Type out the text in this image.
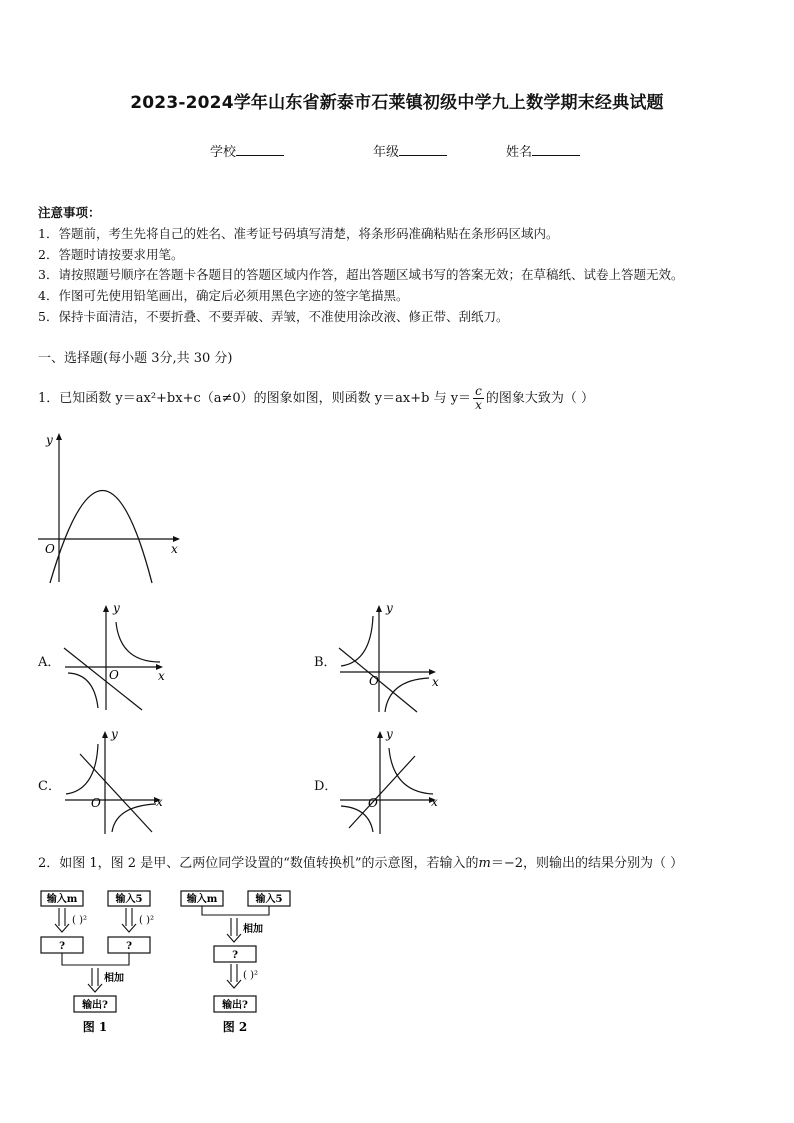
2023-2024学年山东省新泰市石莱镇初级中学九上数学期末经典试题
学校	年级	姓名
注意事项：
1．答题前，考生先将自己的姓名、准考证号码填写清楚，将条形码准确粘贴在条形码区域内。
2．答题时请按要求用笔。
3．请按照题号顺序在答题卡各题目的答题区域内作答，超出答题区域书写的答案无效；在草稿纸、试卷上答题无效。
4．作图可先使用铅笔画出，确定后必须用黑色字迹的签字笔描黑。
5．保持卡面清洁，不要折叠、不要弄破、弄皱，不准使用涂改液、修正带、刮纸刀。
一、选择题(每小题 3分,共 30 分)
1．已知函数 y＝ax²+bx+c（a≠0）的图象如图，则函数 y＝ax+b 与 $y= \frac{c}{x}$ 的图象大致为（ ）
y
x
O
A．
y
x
O
B．
y
x
O
C．
y
x
O
D．
y
x
O
2．如图 1，图 2 是甲、乙两位同学设置的“数值转换机”的示意图，若输入的m＝−2，则输出的结果分别为（ ）
输入m	输入5
( )²	( )²
?	?
相加
输出?
图 1
输入m	输入5
相加
?
( )²
输出?
图 2
